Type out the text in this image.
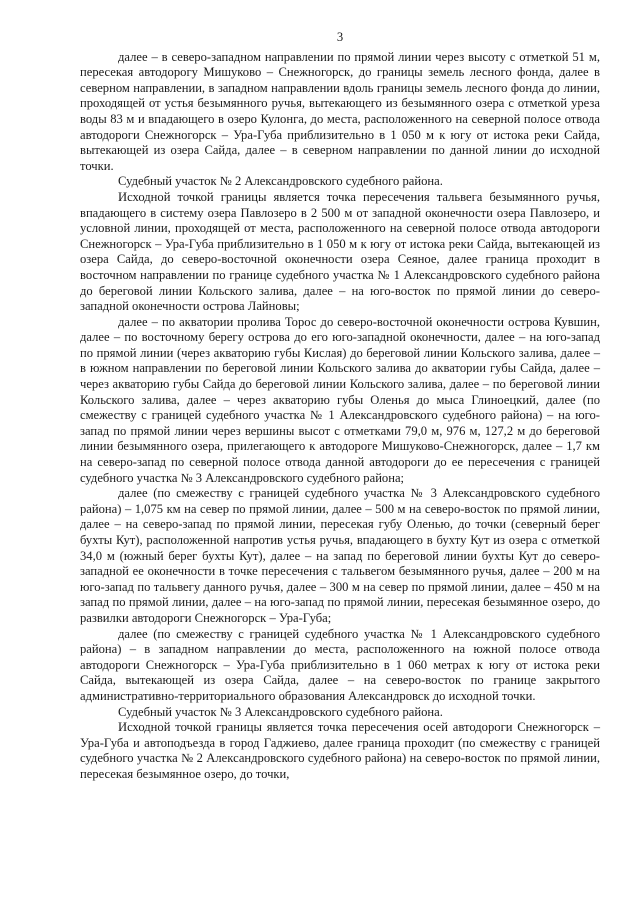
3

далее – в северо-западном направлении по прямой линии через высоту с отметкой 51 м, пересекая автодорогу Мишуково – Снежногорск, до границы земель лесного фонда, далее в северном направлении, в западном направлении вдоль границы земель лесного фонда до линии, проходящей от устья безымянного ручья, вытекающего из безымянного озера с отметкой уреза воды 83 м и впадающего в озеро Кулонга, до места, расположенного на северной полосе отвода автодороги Снежногорск – Ура-Губа приблизительно в 1 050 м к югу от истока реки Сайда, вытекающей из озера Сайда, далее – в северном направлении по данной линии до исходной точки.

Судебный участок № 2 Александровского судебного района.

Исходной точкой границы является точка пересечения тальвега безымянного ручья, впадающего в систему озера Павлозеро в 2 500 м от западной оконечности озера Павлозеро, и условной линии, проходящей от места, расположенного на северной полосе отвода автодороги Снежногорск – Ура-Губа приблизительно в 1 050 м к югу от истока реки Сайда, вытекающей из озера Сайда, до северо-восточной оконечности озера Сеяное, далее граница проходит в восточном направлении по границе судебного участка № 1 Александровского судебного района до береговой линии Кольского залива, далее – на юго-восток по прямой линии до северо-западной оконечности острова Лайновы;

далее – по акватории пролива Торос до северо-восточной оконечности острова Кувшин, далее – по восточному берегу острова до его юго-западной оконечности, далее – на юго-запад по прямой линии (через акваторию губы Кислая) до береговой линии Кольского залива, далее – в южном направлении по береговой линии Кольского залива до акватории губы Сайда, далее – через акваторию губы Сайда до береговой линии Кольского залива, далее – по береговой линии Кольского залива, далее – через акваторию губы Оленья до мыса Глиноецкий, далее (по смежеству с границей судебного участка № 1 Александровского судебного района) – на юго-запад по прямой линии через вершины высот с отметками 79,0 м, 976 м, 127,2 м до береговой линии безымянного озера, прилегающего к автодороге Мишуково-Снежногорск, далее – 1,7 км на северо-запад по северной полосе отвода данной автодороги до ее пересечения с границей судебного участка № 3 Александровского судебного района;

далее (по смежеству с границей судебного участка № 3 Александровского судебного района) – 1,075 км на север по прямой линии, далее – 500 м на северо-восток по прямой линии, далее – на северо-запад по прямой линии, пересекая губу Оленью, до точки (северный берег бухты Кут), расположенной напротив устья ручья, впадающего в бухту Кут из озера с отметкой 34,0 м (южный берег бухты Кут), далее – на запад по береговой линии бухты Кут до северо-западной ее оконечности в точке пересечения с тальвегом безымянного ручья, далее – 200 м на юго-запад по тальвегу данного ручья, далее – 300 м на север по прямой линии, далее – 450 м на запад по прямой линии, далее – на юго-запад по прямой линии, пересекая безымянное озеро, до развилки автодороги Снежногорск – Ура-Губа;

далее (по смежеству с границей судебного участка № 1 Александровского судебного района) – в западном направлении до места, расположенного на южной полосе отвода автодороги Снежногорск – Ура-Губа приблизительно в 1 060 метрах к югу от истока реки Сайда, вытекающей из озера Сайда, далее – на северо-восток по границе закрытого административно-территориального образования Александровск до исходной точки.

Судебный участок № 3 Александровского судебного района.

Исходной точкой границы является точка пересечения осей автодороги Снежногорск – Ура-Губа и автоподъезда в город Гаджиево, далее граница проходит (по смежеству с границей судебного участка № 2 Александровского судебного района) на северо-восток по прямой линии, пересекая безымянное озеро, до точки,
